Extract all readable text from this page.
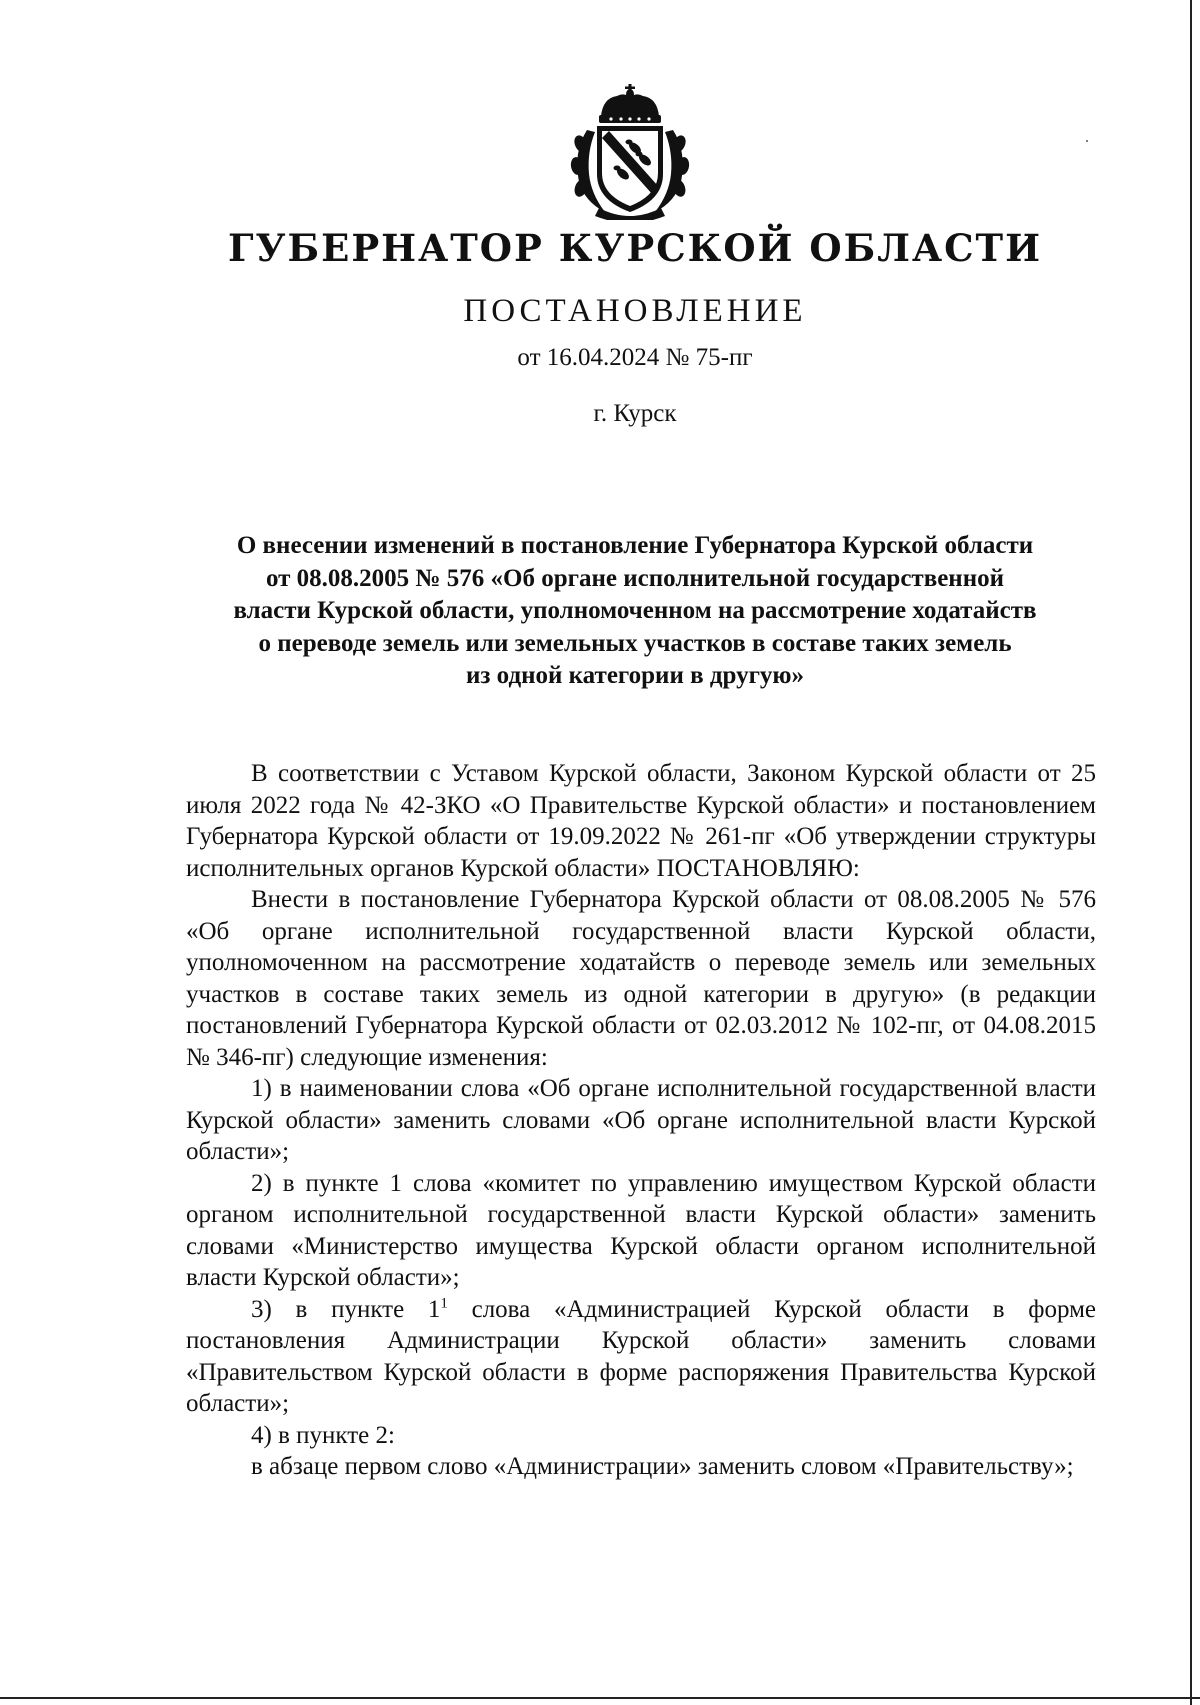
ГУБЕРНАТОР КУРСКОЙ ОБЛАСТИ
ПОСТАНОВЛЕНИЕ
от 16.04.2024 № 75-пг
г. Курск
О внесении изменений в постановление Губернатора Курской области
от 08.08.2005 № 576 «Об органе исполнительной государственной
власти Курской области, уполномоченном на рассмотрение ходатайств
о переводе земель или земельных участков в составе таких земель
из одной категории в другую»

В соответствии с Уставом Курской области, Законом Курской области от 25 июля 2022 года № 42-ЗКО «О Правительстве Курской области» и постановлением Губернатора Курской области от 19.09.2022 № 261-пг «Об утверждении структуры исполнительных органов Курской области» ПОСТАНОВЛЯЮ:

Внести в постановление Губернатора Курской области от 08.08.2005 № 576 «Об органе исполнительной государственной власти Курской области, уполномоченном на рассмотрение ходатайств о переводе земель или земельных участков в составе таких земель из одной категории в другую» (в редакции постановлений Губернатора Курской области от 02.03.2012 № 102-пг, от 04.08.2015 № 346-пг) следующие изменения:

1) в наименовании слова «Об органе исполнительной государственной власти Курской области» заменить словами «Об органе исполнительной власти Курской области»;

2) в пункте 1 слова «комитет по управлению имуществом Курской области органом исполнительной государственной власти Курской области» заменить словами «Министерство имущества Курской области органом исполнительной власти Курской области»;

3) в пункте $1^1$ слова «Администрацией Курской области в форме постановления Администрации Курской области» заменить словами «Правительством Курской области в форме распоряжения Правительства Курской области»;

4) в пункте 2:

в абзаце первом слово «Администрации» заменить словом «Правительству»;
